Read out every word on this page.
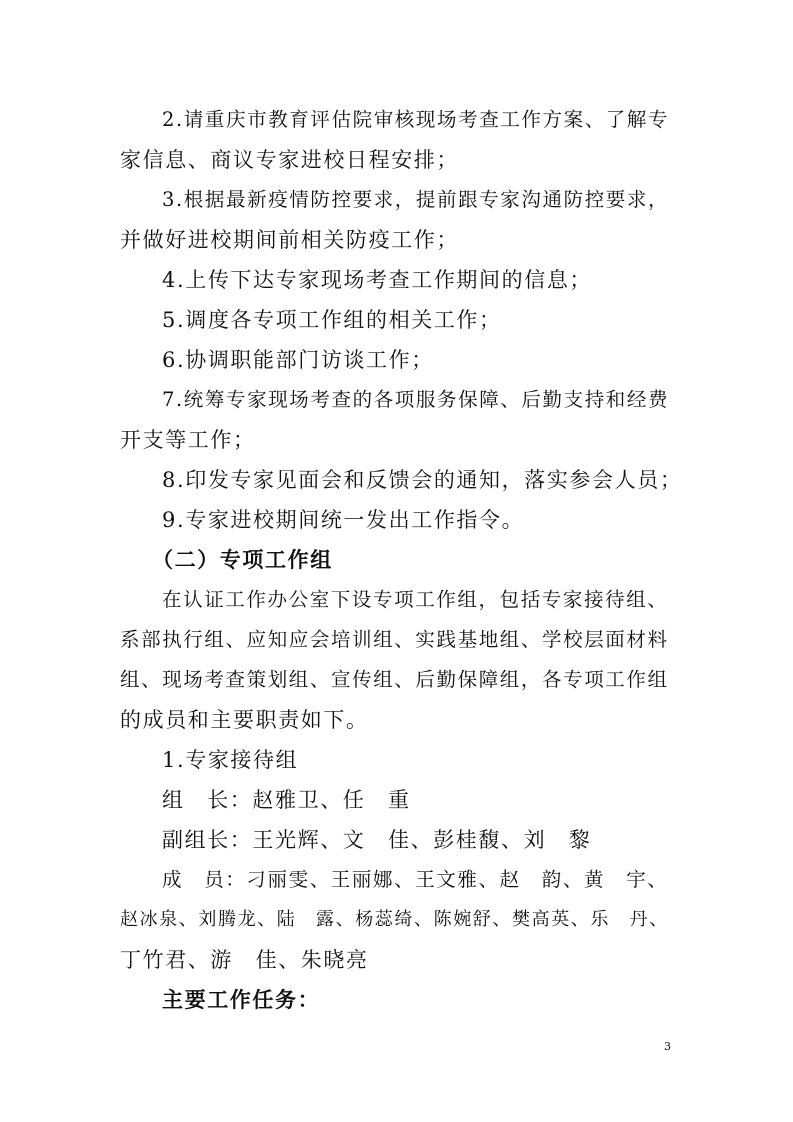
2.请重庆市教育评估院审核现场考查工作方案、了解专

家信息、商议专家进校日程安排；

3.根据最新疫情防控要求，提前跟专家沟通防控要求，

并做好进校期间前相关防疫工作；

4.上传下达专家现场考查工作期间的信息；

5.调度各专项工作组的相关工作；

6.协调职能部门访谈工作；

7.统筹专家现场考查的各项服务保障、后勤支持和经费

开支等工作；

8.印发专家见面会和反馈会的通知，落实参会人员；

9.专家进校期间统一发出工作指令。

（二）专项工作组

在认证工作办公室下设专项工作组，包括专家接待组、

系部执行组、应知应会培训组、实践基地组、学校层面材料

组、现场考查策划组、宣传组、后勤保障组，各专项工作组

的成员和主要职责如下。

1.专家接待组

组　长：赵雅卫、任　重

副组长：王光辉、文　佳、彭桂馥、刘　黎

成　员：刁丽雯、王丽娜、王文雅、赵　韵、黄　宇、

赵冰泉、刘腾龙、陆　露、杨蕊绮、陈婉舒、樊高英、乐　丹、

丁竹君、游　佳、朱晓亮

主要工作任务：

3
